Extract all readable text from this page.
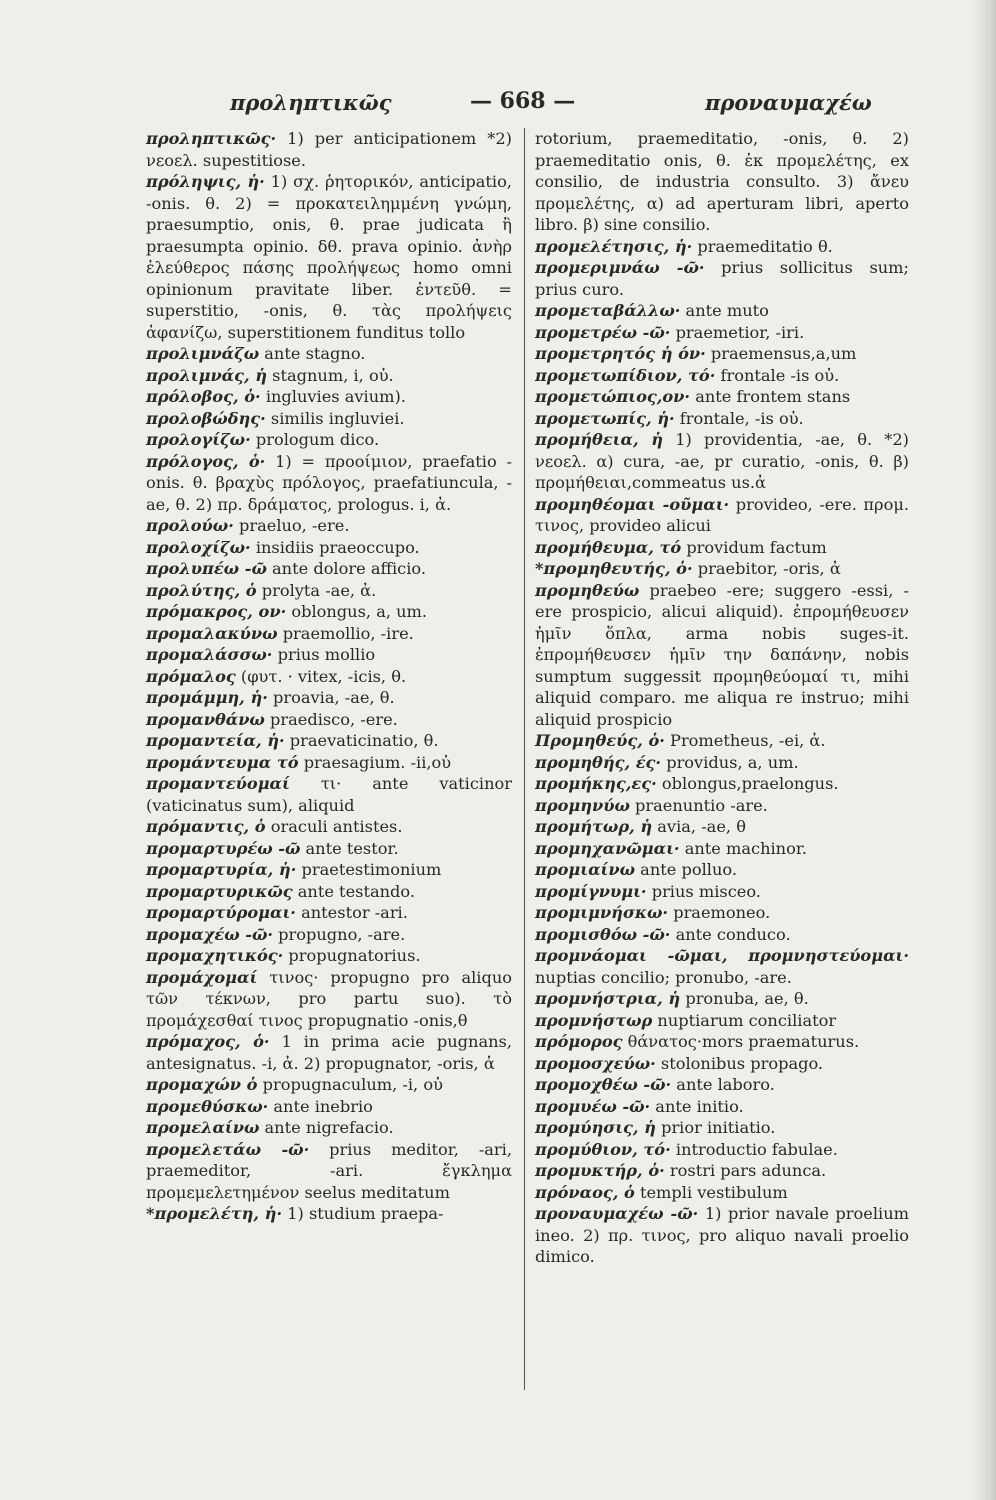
προληπτικῶς	— 668 —	προναυμαχέω

προληπτικῶς· 1) per anticipationem *2) νεοελ. supestitiose.

πρόληψις, ἡ· 1) σχ. ῥητορικόν, anticipatio, -onis. θ. 2) = προκατειλημμένη γνώμη, praesumptio, onis, θ. prae judicata ἢ praesumpta opinio. δθ. prava opinio. ἀνὴρ ἐλεύθερος πάσης προλήψεως homo omni opinionum pravitate liber. ἐντεῦθ. = superstitio, -onis, θ. τὰς προλήψεις ἀφανίζω, superstitionem funditus tollo

προλιμνάζω ante stagno.

προλιμνάς, ἡ stagnum, i, οὐ.

πρόλοβος, ὁ· ingluvies avium).

προλοβώδης· similis ingluviei.

προλογίζω· prologum dico.

πρόλογος, ὁ· 1) = προοίμιον, praefatio -onis. θ. βραχὺς πρόλογος, praefatiuncula, -ae, θ. 2) πρ. δράματος, prologus. i, ἀ.

προλούω· praeluo, -ere.

προλοχίζω· insidiis praeoccupo.

προλυπέω -ῶ ante dolore afficio.

προλύτης, ὁ prolyta -ae, ἀ.

πρόμακρος, ον· oblongus, a, um.

προμαλακύνω praemollio, -ire.

προμαλάσσω· prius mollio

πρόμαλος (φυτ. · vitex, -icis, θ.

προμάμμη, ἡ· proavia, -ae, θ.

προμανθάνω praedisco, -ere.

προμαντεία, ἡ· praevaticinatio, θ.

προμάντευμα τό praesagium. -ii,οὐ

προμαντεύομαί τι· ante vaticinor (vaticinatus sum), aliquid

πρόμαντις, ὁ oraculi antistes.

προμαρτυρέω -ῶ ante testor.

προμαρτυρία, ἡ· praetestimonium

προμαρτυρικῶς ante testando.

προμαρτύρομαι· antestor -ari.

προμαχέω -ῶ· propugno, -are.

προμαχητικός· propugnatorius.

προμάχομαί τινος· propugno pro aliquo τῶν τέκνων, pro partu suo). τὸ προμάχεσθαί τινος propugnatio -onis,θ

πρόμαχος, ὁ· 1 in prima acie pugnans, antesignatus. -i, ἀ. 2) propugnator, -oris, ἀ

προμαχών ὁ propugnaculum, -i, οὐ

προμεθύσκω· ante inebrio

προμελαίνω ante nigrefacio.

προμελετάω -ῶ· prius meditor, -ari, praemeditor, -ari. ἔγκλημα προμεμελετημένον seelus meditatum

*προμελέτη, ἡ· 1) studium praepa-

rotorium, praemeditatio, -onis, θ. 2) praemeditatio onis, θ. ἐκ προμελέτης, ex consilio, de industria consulto. 3) ἄνευ προμελέτης, α) ad aperturam libri, aperto libro. β) sine consilio.

προμελέτησις, ἡ· praemeditatio θ.

προμεριμνάω -ῶ· prius sollicitus sum; prius curo.

προμεταβάλλω· ante muto

προμετρέω -ῶ· praemetior, -iri.

προμετρητός ἡ όν· praemensus,a,um

προμετωπίδιον, τό· frontale -is οὐ.

προμετώπιος,ον· ante frontem stans

προμετωπίς, ἡ· frontale, -is οὐ.

προμήθεια, ἡ 1) providentia, -ae, θ. *2) νεοελ. α) cura, -ae, pr curatio, -onis, θ. β) προμήθειαι,commeatus us.ἀ

προμηθέομαι -οῦμαι· provideo, -ere. προμ. τινος, provideo alicui

προμήθευμα, τό providum factum

*προμηθευτής, ὁ· praebitor, -oris, ἀ

προμηθεύω praebeo -ere; suggero -essi, -ere prospicio, alicui aliquid). ἐπρομήθευσεν ἡμῖν ὅπλα, arma nobis suges-it. ἐπρομήθευσεν ἡμῖν την δαπάνην, nobis sumptum suggessit προμηθεύομαί τι, mihi aliquid comparo. me aliqua re instruo; mihi aliquid prospicio

Προμηθεύς, ὁ· Prometheus, -ei, ἀ.

προμηθής, ές· providus, a, um.

προμήκης,ες· oblongus,praelongus.

προμηνύω praenuntio -are.

προμήτωρ, ἡ avia, -ae, θ

προμηχανῶμαι· ante machinor.

προμιαίνω ante polluo.

προμίγνυμι· prius misceo.

προμιμνήσκω· praemoneo.

προμισθόω -ῶ· ante conduco.

προμνάομαι -ῶμαι, προμνηστεύομαι· nuptias concilio; pronubo, -are.

προμνήστρια, ἡ pronuba, ae, θ.

προμνήστωρ nuptiarum conciliator

πρόμορος θάνατος·mors praematurus.

προμοσχεύω· stolonibus propago.

προμοχθέω -ῶ· ante laboro.

προμυέω -ῶ· ante initio.

προμύησις, ἡ prior initiatio.

προμύθιον, τό· introductio fabulae.

προμυκτήρ, ὁ· rostri pars adunca.

πρόναος, ὁ templi vestibulum

προναυμαχέω -ῶ· 1) prior navale proelium ineo. 2) πρ. τινος, pro aliquo navali proelio dimico.
